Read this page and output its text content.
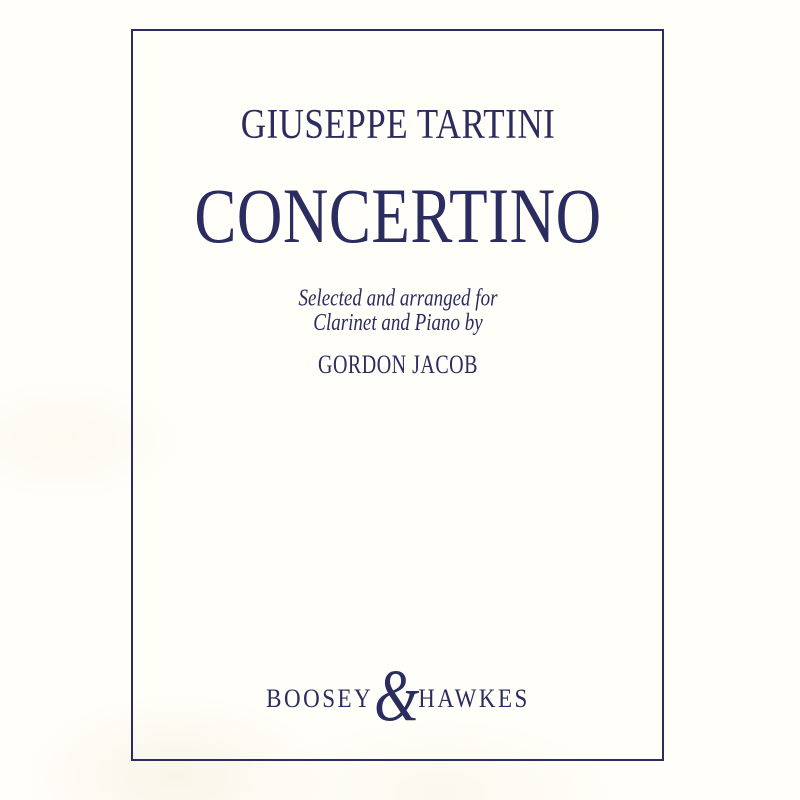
GIUSEPPE TARTINI
CONCERTINO
Selected and arranged for
Clarinet and Piano by
GORDON JACOB
BOOSEY & HAWKES
